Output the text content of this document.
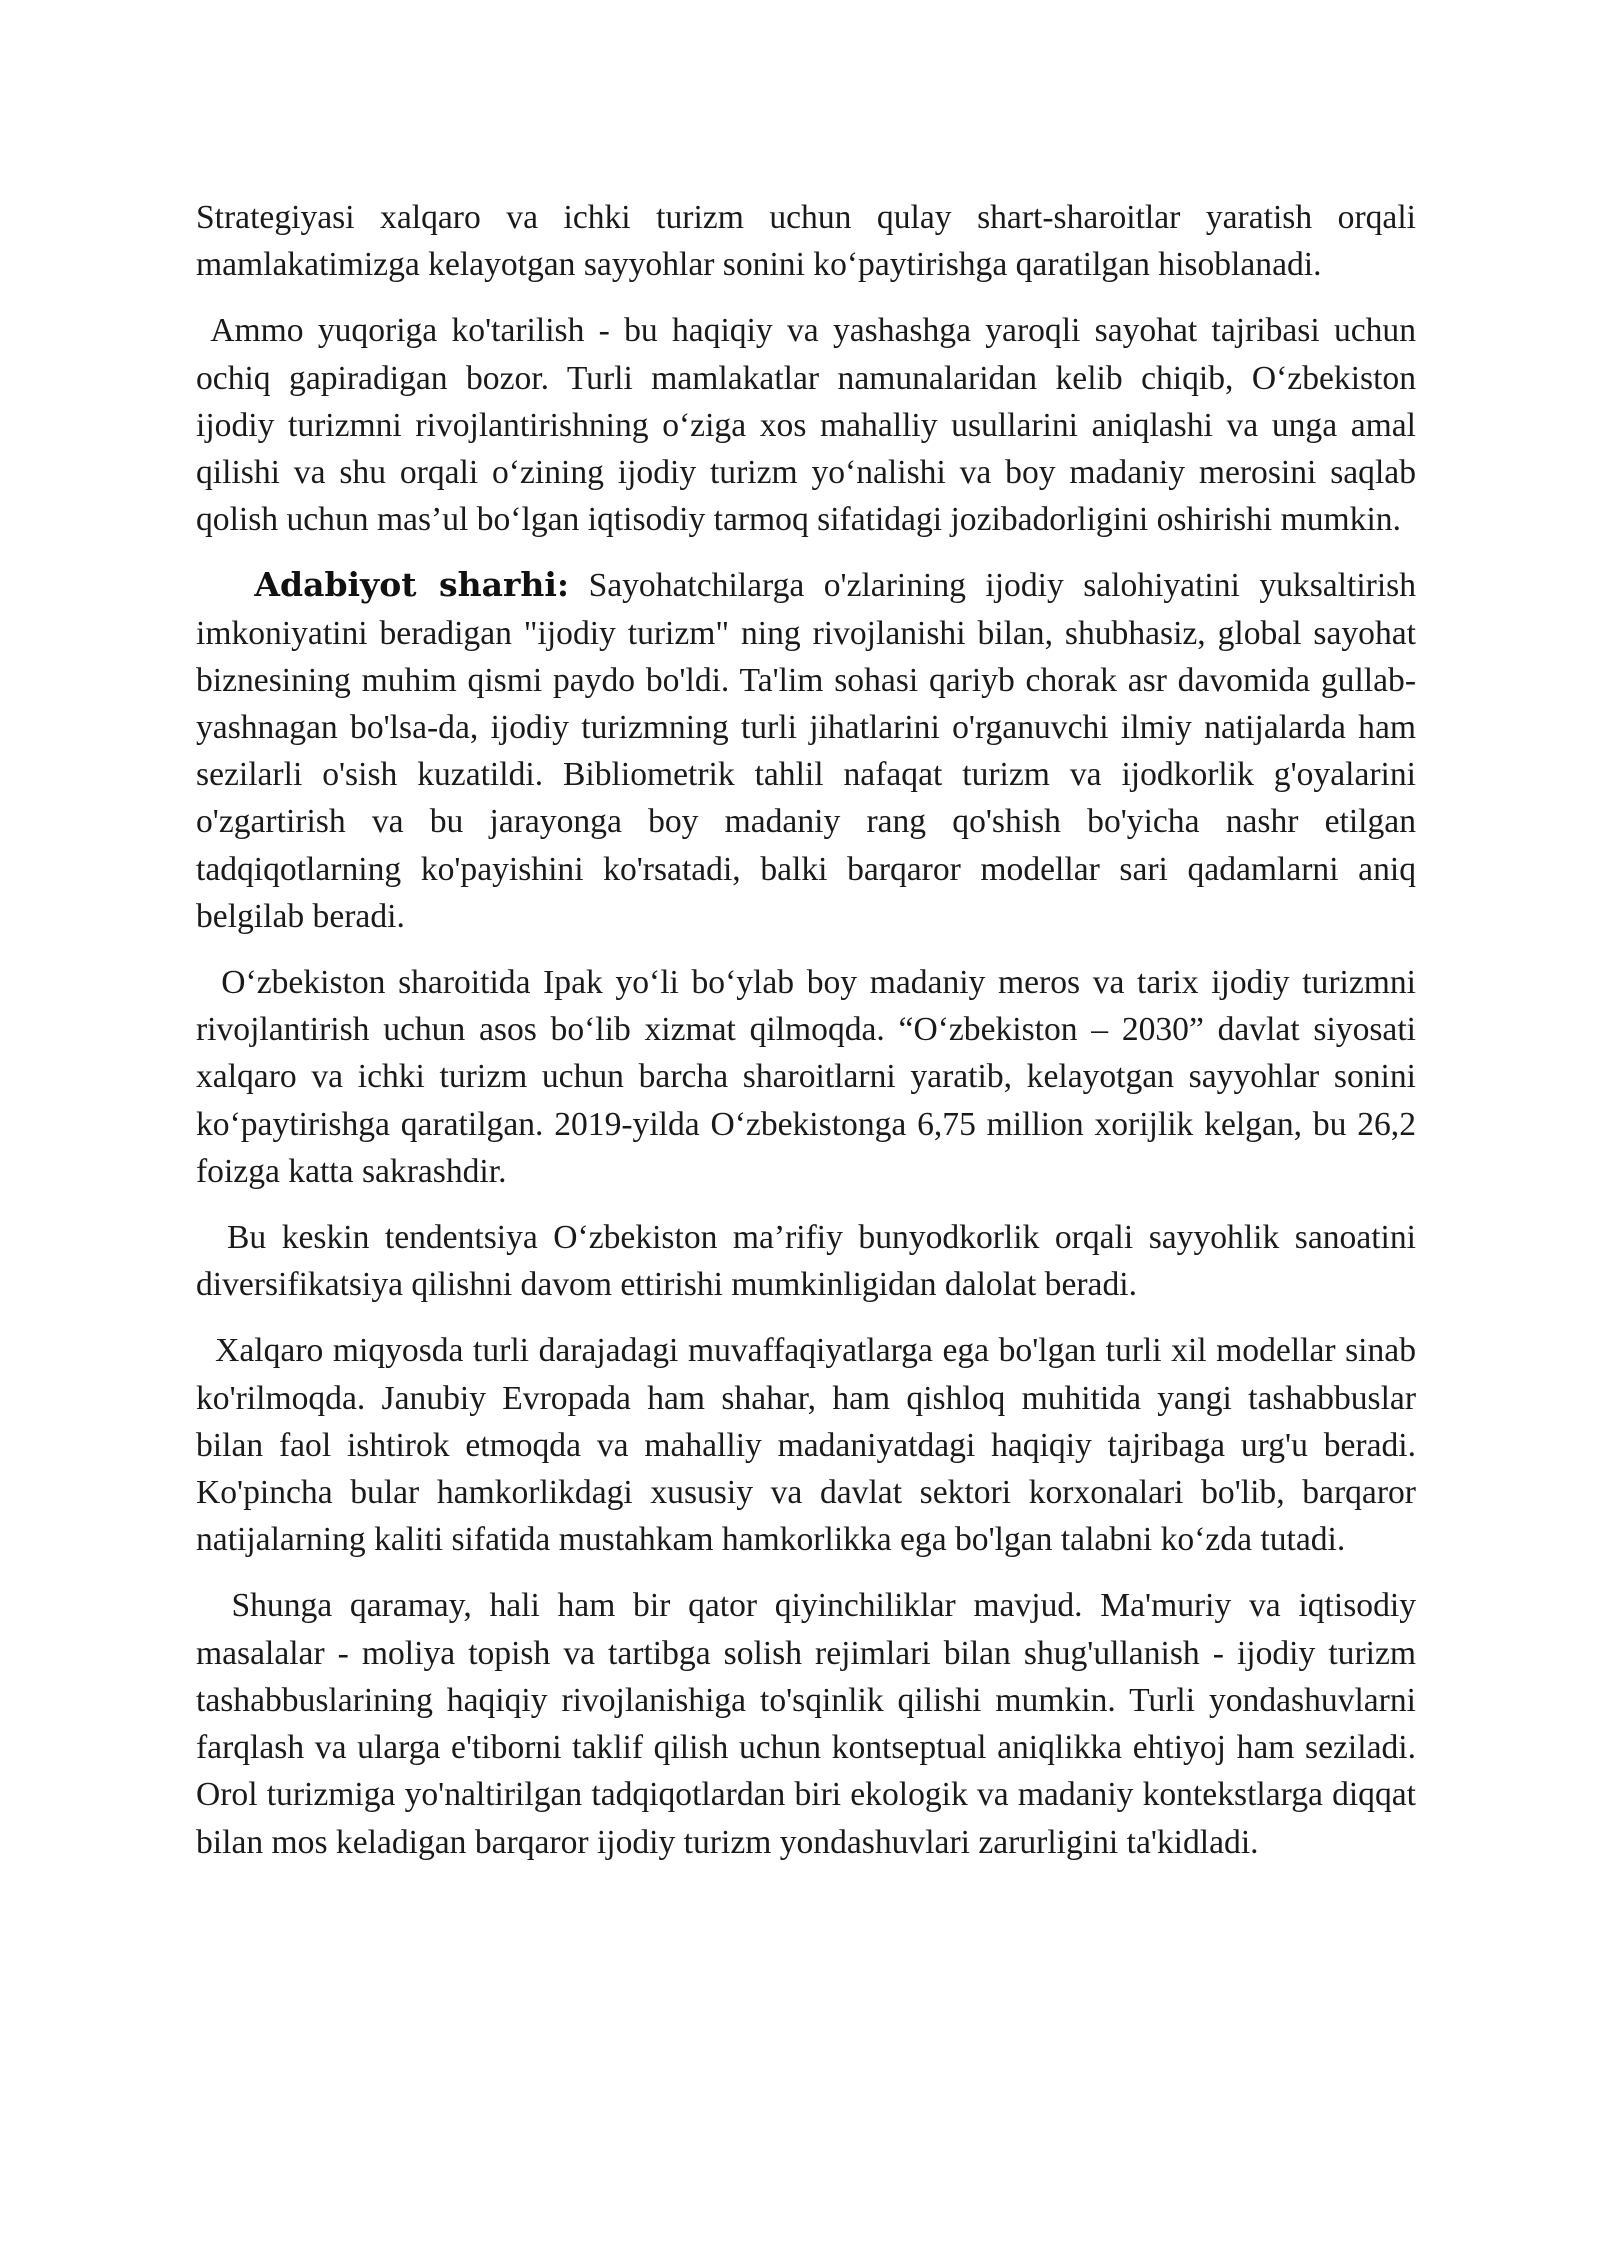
Strategiyasi xalqaro va ichki turizm uchun qulay shart-sharoitlar yaratish orqali mamlakatimizga kelayotgan sayyohlar sonini ko‘paytirishga qaratilgan hisoblanadi.

Ammo yuqoriga ko'tarilish - bu haqiqiy va yashashga yaroqli sayohat tajribasi uchun ochiq gapiradigan bozor. Turli mamlakatlar namunalaridan kelib chiqib, O‘zbekiston ijodiy turizmni rivojlantirishning o‘ziga xos mahalliy usullarini aniqlashi va unga amal qilishi va shu orqali o‘zining ijodiy turizm yo‘nalishi va boy madaniy merosini saqlab qolish uchun mas’ul bo‘lgan iqtisodiy tarmoq sifatidagi jozibadorligini oshirishi mumkin.

Adabiyot sharhi: Sayohatchilarga o'zlarining ijodiy salohiyatini yuksaltirish imkoniyatini beradigan "ijodiy turizm" ning rivojlanishi bilan, shubhasiz, global sayohat biznesining muhim qismi paydo bo'ldi. Ta'lim sohasi qariyb chorak asr davomida gullab-yashnagan bo'lsa-da, ijodiy turizmning turli jihatlarini o'rganuvchi ilmiy natijalarda ham sezilarli o'sish kuzatildi. Bibliometrik tahlil nafaqat turizm va ijodkorlik g'oyalarini o'zgartirish va bu jarayonga boy madaniy rang qo'shish bo'yicha nashr etilgan tadqiqotlarning ko'payishini ko'rsatadi, balki barqaror modellar sari qadamlarni aniq belgilab beradi.

O‘zbekiston sharoitida Ipak yo‘li bo‘ylab boy madaniy meros va tarix ijodiy turizmni rivojlantirish uchun asos bo‘lib xizmat qilmoqda. “O‘zbekiston – 2030” davlat siyosati xalqaro va ichki turizm uchun barcha sharoitlarni yaratib, kelayotgan sayyohlar sonini ko‘paytirishga qaratilgan. 2019-yilda O‘zbekistonga 6,75 million xorijlik kelgan, bu 26,2 foizga katta sakrashdir.

Bu keskin tendentsiya O‘zbekiston ma’rifiy bunyodkorlik orqali sayyohlik sanoatini diversifikatsiya qilishni davom ettirishi mumkinligidan dalolat beradi.

Xalqaro miqyosda turli darajadagi muvaffaqiyatlarga ega bo'lgan turli xil modellar sinab ko'rilmoqda. Janubiy Evropada ham shahar, ham qishloq muhitida yangi tashabbuslar bilan faol ishtirok etmoqda va mahalliy madaniyatdagi haqiqiy tajribaga urg'u beradi. Ko'pincha bular hamkorlikdagi xususiy va davlat sektori korxonalari bo'lib, barqaror natijalarning kaliti sifatida mustahkam hamkorlikka ega bo'lgan talabni ko‘zda tutadi.

Shunga qaramay, hali ham bir qator qiyinchiliklar mavjud. Ma'muriy va iqtisodiy masalalar - moliya topish va tartibga solish rejimlari bilan shug'ullanish - ijodiy turizm tashabbuslarining haqiqiy rivojlanishiga to'sqinlik qilishi mumkin. Turli yondashuvlarni farqlash va ularga e'tiborni taklif qilish uchun kontseptual aniqlikka ehtiyoj ham seziladi. Orol turizmiga yo'naltirilgan tadqiqotlardan biri ekologik va madaniy kontekstlarga diqqat bilan mos keladigan barqaror ijodiy turizm yondashuvlari zarurligini ta'kidladi.
